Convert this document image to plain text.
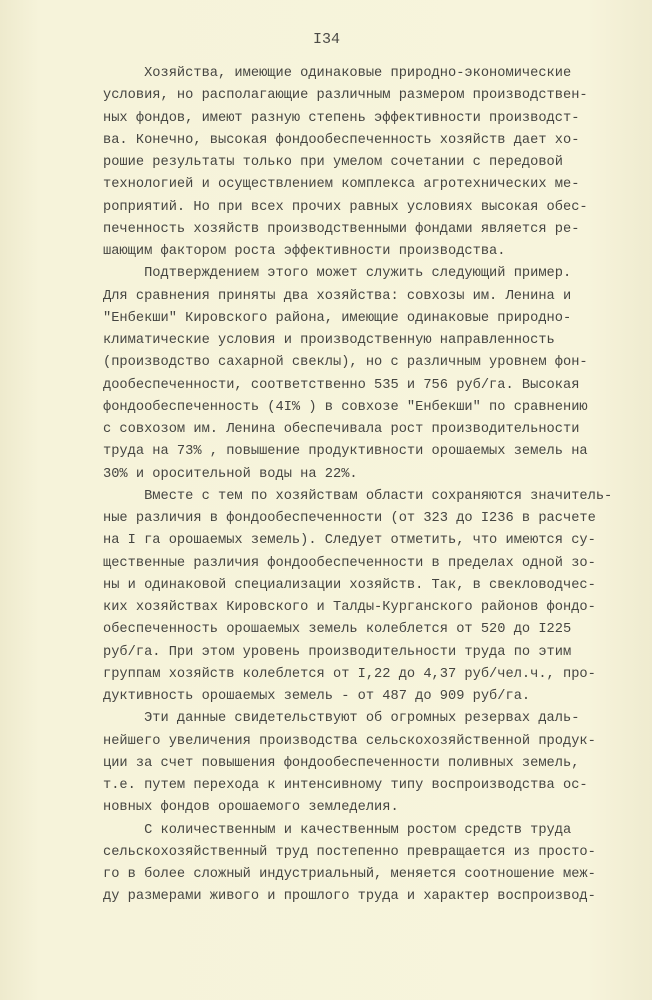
I34
Хозяйства, имеющие одинаковые природно-экономические
условия, но располагающие различным размером производствен-
ных фондов, имеют разную степень эффективности производст-
ва. Конечно, высокая фондообеспеченность хозяйств дает хо-
рошие результаты только при умелом сочетании с передовой
технологией и осуществлением комплекса агротехнических ме-
роприятий. Но при всех прочих равных условиях высокая обес-
печенность хозяйств производственными фондами является ре-
шающим фактором роста эффективности производства.
Подтверждением этого может служить следующий пример.
Для сравнения приняты два хозяйства: совхозы им. Ленина и
"Енбекши" Кировского района, имеющие одинаковые природно-
климатические условия и производственную направленность
(производство сахарной свеклы), но с различным уровнем фон-
дообеспеченности, соответственно 535 и 756 руб/га. Высокая
фондообеспеченность (4I% ) в совхозе "Енбекши" по сравнению
с совхозом им. Ленина обеспечивала рост производительности
труда на 73% , повышение продуктивности орошаемых земель на
30% и оросительной воды на 22%.
Вместе с тем по хозяйствам области сохраняются значитель-
ные различия в фондообеспеченности (от 323 до I236 в расчете
на I га орошаемых земель). Следует отметить, что имеются су-
щественные различия фондообеспеченности в пределах одной зо-
ны и одинаковой специализации хозяйств. Так, в свекловодчес-
ких хозяйствах Кировского и Талды-Курганского районов фондо-
обеспеченность орошаемых земель колеблется от 520 до I225
руб/га. При этом уровень производительности труда по этим
группам хозяйств колеблется от I,22 до 4,37 руб/чел.ч., про-
дуктивность орошаемых земель - от 487 до 909 руб/га.
Эти данные свидетельствуют об огромных резервах даль-
нейшего увеличения производства сельскохозяйственной продук-
ции за счет повышения фондообеспеченности поливных земель,
т.е. путем перехода к интенсивному типу воспроизводства ос-
новных фондов орошаемого земледелия.
С количественным и качественным ростом средств труда
сельскохозяйственный труд постепенно превращается из просто-
го в более сложный индустриальный, меняется соотношение меж-
ду размерами живого и прошлого труда и характер воспроизвод-
